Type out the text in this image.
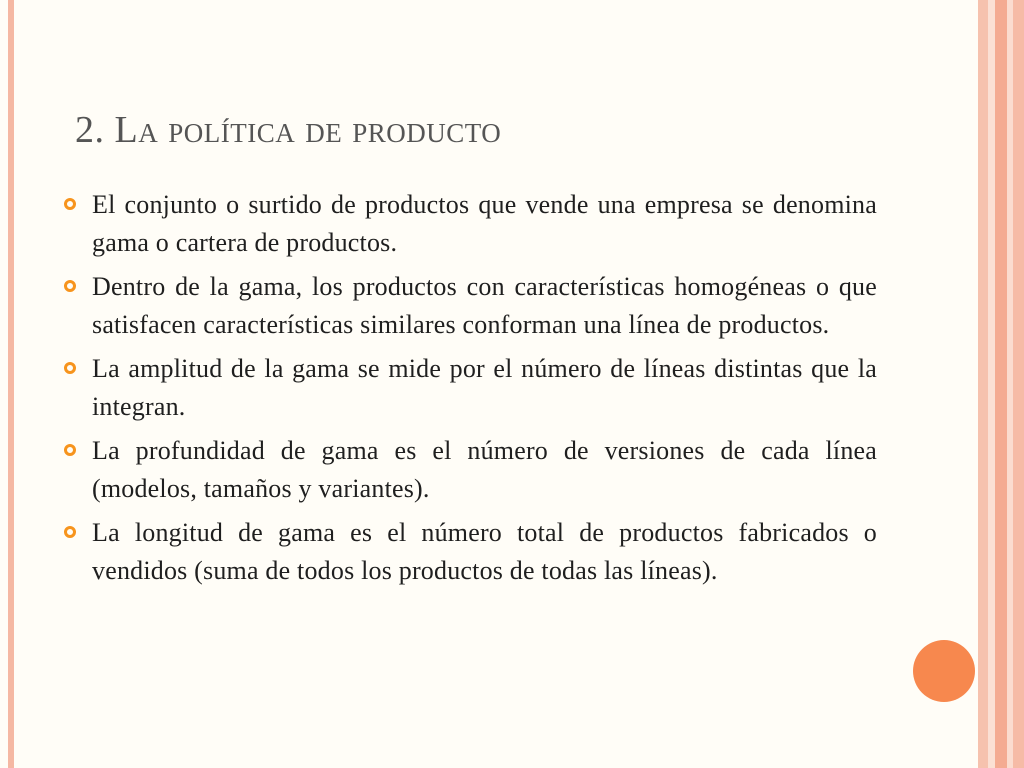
2. La política de producto
El conjunto o surtido de productos que vende una empresa se denomina gama o cartera de productos.
Dentro de la gama, los productos con características homogéneas o que satisfacen características similares conforman una línea de productos.
La amplitud de la gama se mide por el número de líneas distintas que la integran.
La profundidad de gama es el número de versiones de cada línea (modelos, tamaños y variantes).
La longitud de gama es el número total de productos fabricados o vendidos (suma de todos los productos de todas las líneas).
